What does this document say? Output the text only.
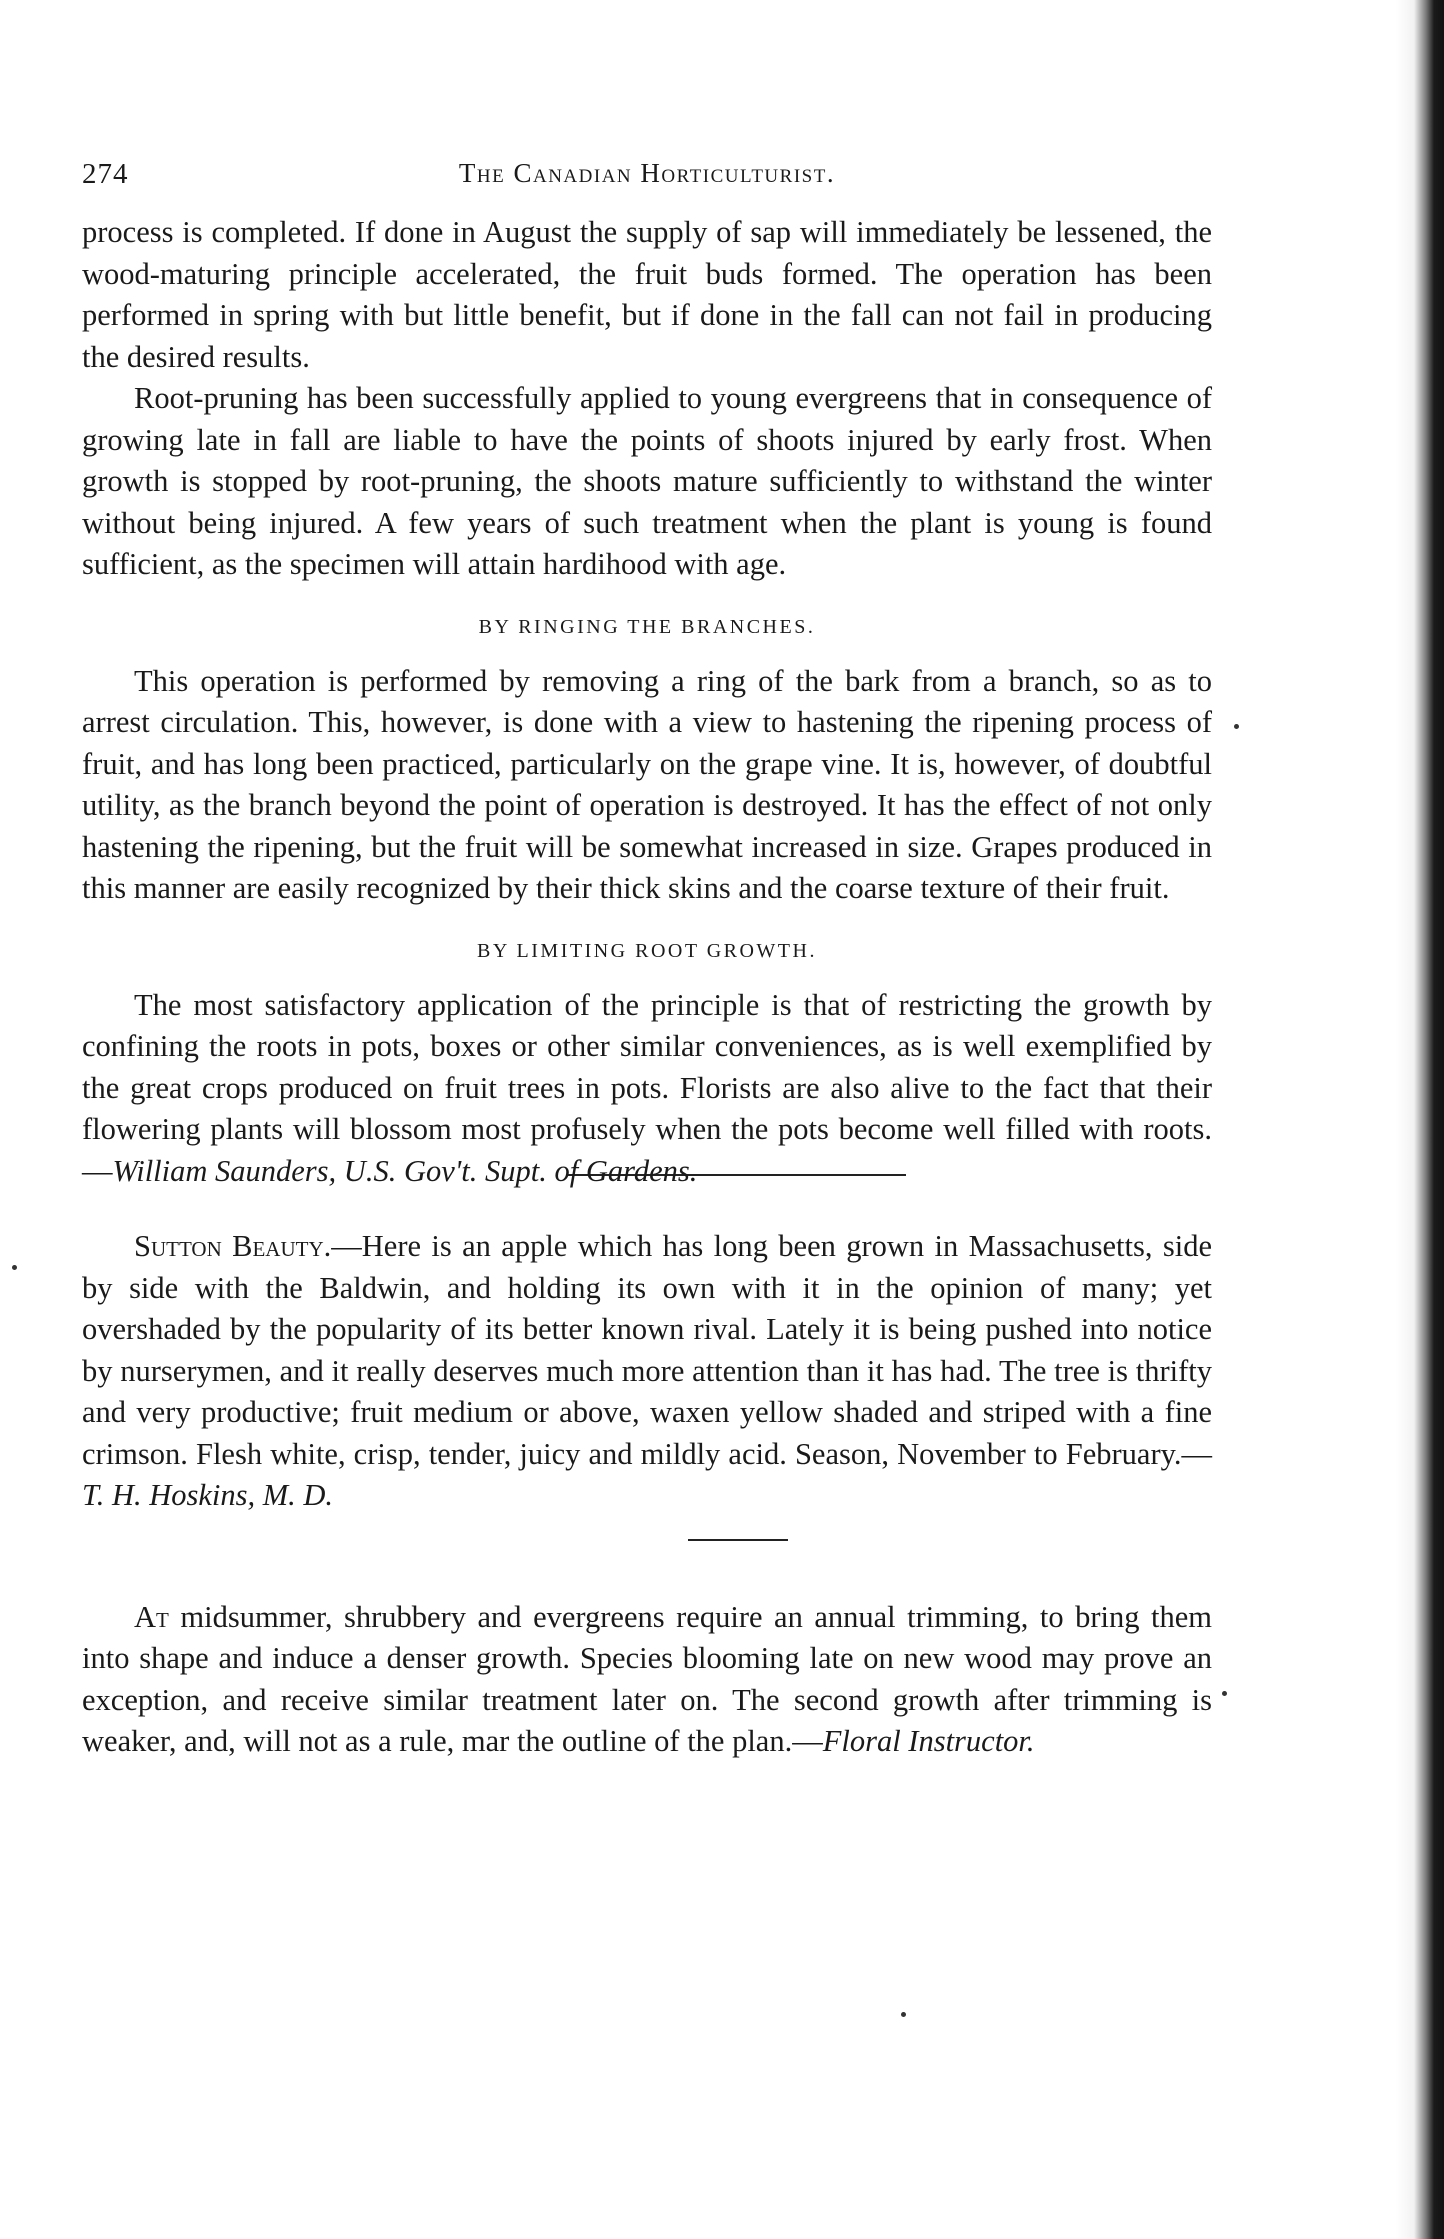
274	The Canadian Horticulturist.

process is completed. If done in August the supply of sap will immediately be lessened, the wood-maturing principle accelerated, the fruit buds formed. The operation has been performed in spring with but little benefit, but if done in the fall can not fail in producing the desired results.

Root-pruning has been successfully applied to young evergreens that in consequence of growing late in fall are liable to have the points of shoots injured by early frost. When growth is stopped by root-pruning, the shoots mature sufficiently to withstand the winter without being injured. A few years of such treatment when the plant is young is found sufficient, as the specimen will attain hardihood with age.

BY RINGING THE BRANCHES.

This operation is performed by removing a ring of the bark from a branch, so as to arrest circulation. This, however, is done with a view to hastening the ripening process of fruit, and has long been practiced, particularly on the grape vine. It is, however, of doubtful utility, as the branch beyond the point of operation is destroyed. It has the effect of not only hastening the ripening, but the fruit will be somewhat increased in size. Grapes produced in this manner are easily recognized by their thick skins and the coarse texture of their fruit.

BY LIMITING ROOT GROWTH.

The most satisfactory application of the principle is that of restricting the growth by confining the roots in pots, boxes or other similar conveniences, as is well exemplified by the great crops produced on fruit trees in pots. Florists are also alive to the fact that their flowering plants will blossom most profusely when the pots become well filled with roots.—William Saunders, U.S. Gov't. Supt. of Gardens.

Sutton Beauty.—Here is an apple which has long been grown in Massachusetts, side by side with the Baldwin, and holding its own with it in the opinion of many; yet overshaded by the popularity of its better known rival. Lately it is being pushed into notice by nurserymen, and it really deserves much more attention than it has had. The tree is thrifty and very productive; fruit medium or above, waxen yellow shaded and striped with a fine crimson. Flesh white, crisp, tender, juicy and mildly acid. Season, November to February.—T. H. Hoskins, M. D.

At midsummer, shrubbery and evergreens require an annual trimming, to bring them into shape and induce a denser growth. Species blooming late on new wood may prove an exception, and receive similar treatment later on. The second growth after trimming is weaker, and, will not as a rule, mar the outline of the plan.—Floral Instructor.
